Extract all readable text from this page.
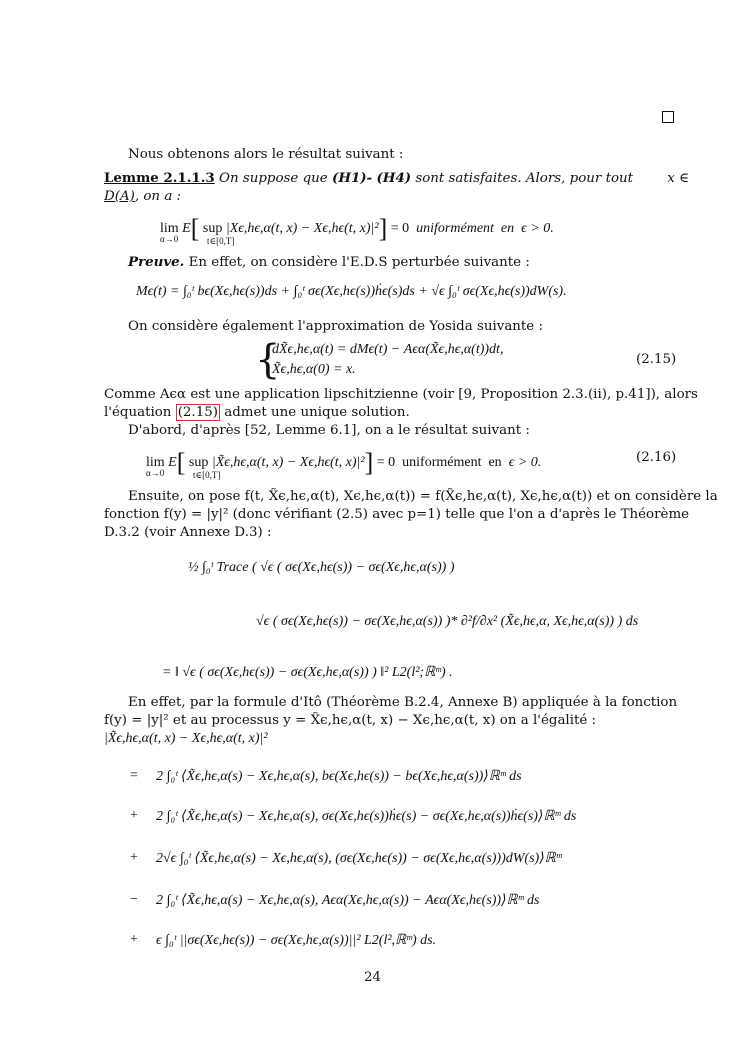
Nous obtenons alors le résultat suivant :
Lemme 2.1.1.3 On suppose que (H1)- (H4) sont satisfaites. Alors, pour tout	x ∈
D(A), on a :
lim E[ sup |Xϵ,hϵ,α(t, x) − Xϵ,hϵ(t, x)|²] = 0 uniformément en ϵ > 0.
α→0	t∈[0,T]
Preuve. En effet, on considère l'E.D.S perturbée suivante :
Mϵ(t) = ∫₀ᵗ bϵ(Xϵ,hϵ(s))ds + ∫₀ᵗ σϵ(Xϵ,hϵ(s))ḣϵ(s)ds + √ϵ ∫₀ᵗ σϵ(Xϵ,hϵ(s))dW(s).
On considère également l'approximation de Yosida suivante :
{
dX̃ϵ,hϵ,α(t) = dMϵ(t) − Aϵα(X̃ϵ,hϵ,α(t))dt,
X̃ϵ,hϵ,α(0) = x.
(2.15)
Comme Aϵα est une application lipschitzienne (voir [9, Proposition 2.3.(ii), p.41]), alors
l'équation (2.15) admet une unique solution.
D'abord, d'après [52, Lemme 6.1], on a le résultat suivant :
lim E[ sup |X̃ϵ,hϵ,α(t, x) − Xϵ,hϵ(t, x)|²] = 0 uniformément en ϵ > 0.
α→0	t∈[0,T]
(2.16)
Ensuite, on pose f(t, X̃ϵ,hϵ,α(t), Xϵ,hϵ,α(t)) = f(X̃ϵ,hϵ,α(t), Xϵ,hϵ,α(t)) et on considère la
fonction f(y) = |y|² (donc vérifiant (2.5) avec p=1) telle que l'on a d'après le Théorème
D.3.2 (voir Annexe D.3) :
½ ∫₀ᵗ Trace ( √ϵ ( σϵ(Xϵ,hϵ(s)) − σϵ(Xϵ,hϵ,α(s)) )
√ϵ ( σϵ(Xϵ,hϵ(s)) − σϵ(Xϵ,hϵ,α(s)) )* ∂²f/∂x² (X̃ϵ,hϵ,α, Xϵ,hϵ,α(s)) ) ds
= ‖ √ϵ ( σϵ(Xϵ,hϵ(s)) − σϵ(Xϵ,hϵ,α(s)) ) ‖² L2(l²;ℝᵐ) .
En effet, par la formule d'Itô (Théorème B.2.4, Annexe B) appliquée à la fonction
f(y) = |y|² et au processus y = X̃ϵ,hϵ,α(t, x) − Xϵ,hϵ,α(t, x) on a l'égalité :
|X̃ϵ,hϵ,α(t, x) − Xϵ,hϵ,α(t, x)|²
= 2 ∫₀ᵗ ⟨X̃ϵ,hϵ,α(s) − Xϵ,hϵ,α(s), bϵ(Xϵ,hϵ(s)) − bϵ(Xϵ,hϵ,α(s))⟩ℝᵐ ds
+ 2 ∫₀ᵗ ⟨X̃ϵ,hϵ,α(s) − Xϵ,hϵ,α(s), σϵ(Xϵ,hϵ(s))ḣϵ(s) − σϵ(Xϵ,hϵ,α(s))ḣϵ(s)⟩ℝᵐ ds
+ 2√ϵ ∫₀ᵗ ⟨X̃ϵ,hϵ,α(s) − Xϵ,hϵ,α(s), (σϵ(Xϵ,hϵ(s)) − σϵ(Xϵ,hϵ,α(s)))dW(s)⟩ℝᵐ
− 2 ∫₀ᵗ ⟨X̃ϵ,hϵ,α(s) − Xϵ,hϵ,α(s), Aϵα(Xϵ,hϵ,α(s)) − Aϵα(Xϵ,hϵ(s))⟩ℝᵐ ds
+ ϵ ∫₀ᵗ ||σϵ(Xϵ,hϵ(s)) − σϵ(Xϵ,hϵ,α(s))||² L2(l²,ℝᵐ) ds.
24
